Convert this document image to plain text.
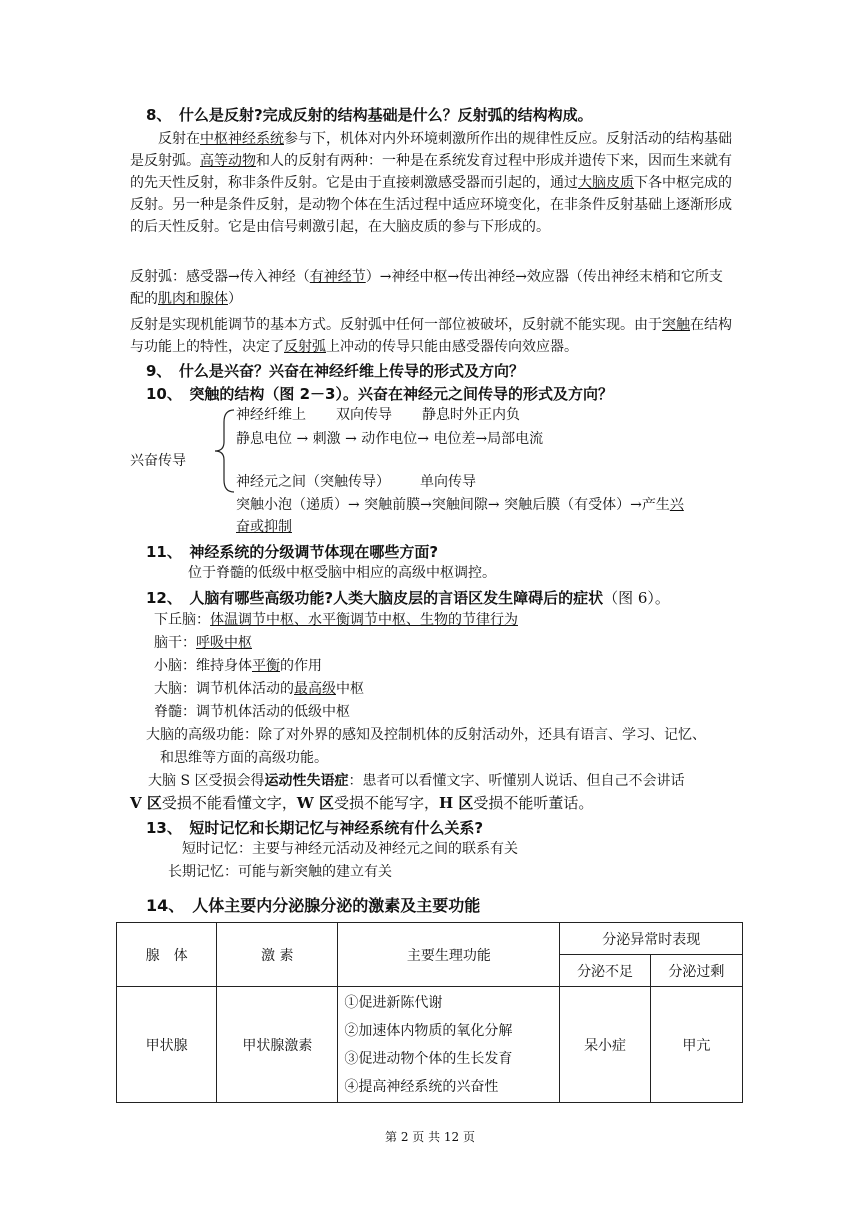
8、　什么是反射?完成反射的结构基础是什么？反射弧的结构构成。
反射在中枢神经系统参与下，机体对内外环境刺激所作出的规律性反应。反射活动的结构基础是反射弧。高等动物和人的反射有两种：一种是在系统发育过程中形成并遗传下来，因而生来就有的先天性反射，称非条件反射。它是由于直接刺激感受器而引起的，通过大脑皮质下各中枢完成的反射。另一种是条件反射，是动物个体在生活过程中适应环境变化，在非条件反射基础上逐渐形成的后天性反射。它是由信号刺激引起，在大脑皮质的参与下形成的。
反射弧：感受器→传入神经（有神经节）→神经中枢→传出神经→效应器（传出神经末梢和它所支配的肌肉和腺体）
反射是实现机能调节的基本方式。反射弧中任何一部位被破坏，反射就不能实现。由于突触在结构与功能上的特性，决定了反射弧上冲动的传导只能由感受器传向效应器。
9、　什么是兴奋？兴奋在神经纤维上传导的形式及方向？
10、　突触的结构（图 2－3）。兴奋在神经元之间传导的形式及方向？
神经纤维上 双向传导 静息时外正内负
静息电位 → 刺激 → 动作电位→ 电位差→局部电流
兴奋传导
神经元之间（突触传导） 单向传导
突触小泡（递质）→ 突触前膜→突触间隙→ 突触后膜（有受体）→产生兴
奋或抑制
11、　神经系统的分级调节体现在哪些方面?
位于脊髓的低级中枢受脑中相应的高级中枢调控。
12、　人脑有哪些高级功能?人类大脑皮层的言语区发生障碍后的症状（图 6）。
下丘脑：体温调节中枢、水平衡调节中枢、生物的节律行为
脑干：呼吸中枢
小脑：维持身体平衡的作用
大脑：调节机体活动的最高级中枢
脊髓：调节机体活动的低级中枢
大脑的高级功能：除了对外界的感知及控制机体的反射活动外，还具有语言、学习、记忆、
和思维等方面的高级功能。
大脑 S 区受损会得运动性失语症：患者可以看懂文字、听懂别人说话、但自己不会讲话
V 区受损不能看懂文字，W 区受损不能写字，H 区受损不能听董话。
13、　短时记忆和长期记忆与神经系统有什么关系?
短时记忆：主要与神经元活动及神经元之间的联系有关
长期记忆：可能与新突触的建立有关
14、　人体主要内分泌腺分泌的激素及主要功能
腺　体	激 素	主要生理功能	分泌异常时表现	
			分泌不足	分泌过剩
甲状腺	甲状腺激素	①促进新陈代谢
②加速体内物质的氧化分解
③促进动物个体的生长发育
④提高神经系统的兴奋性	呆小症	甲亢
第 2 页 共 12 页
